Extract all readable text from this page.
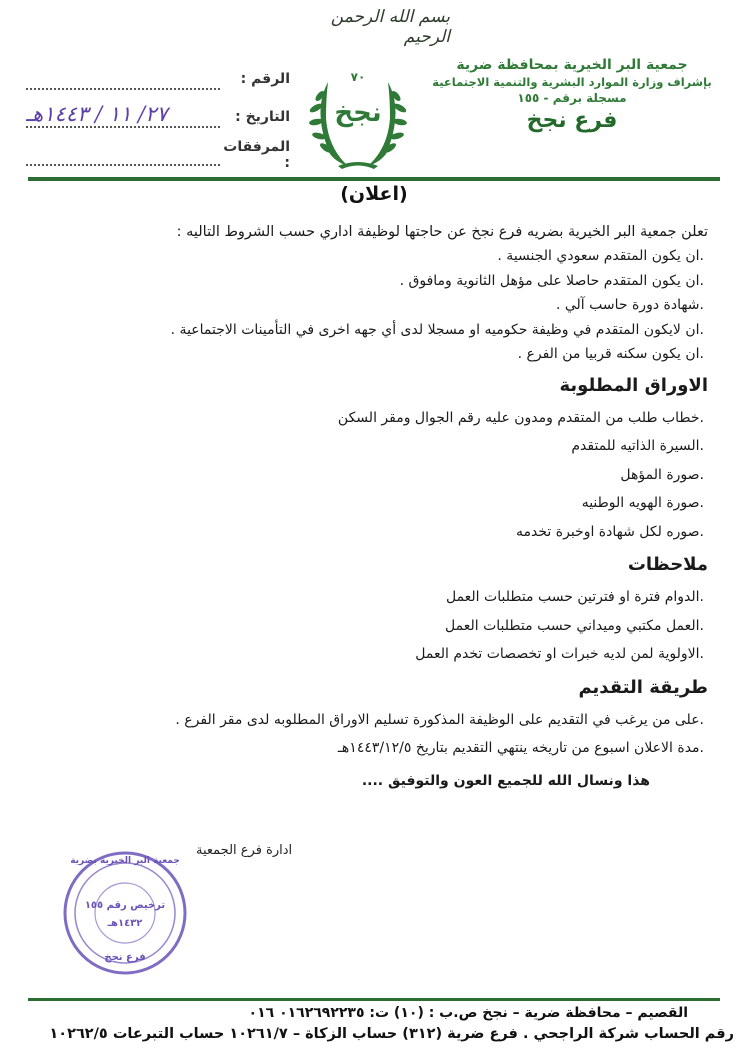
بسم الله الرحمن الرحيم
جمعية البر الخيرية بمحافظة ضرية
بإشراف وزارة الموارد البشرية والتنمية الاجتماعية
مسجلة برقم - ١٥٥
فرع نجخ
٧٠
نجخ
الرقم :
التاريخ :
٢٧/ ١١ / ١٤٤٣هـ
المرفقات :
(اعلان)

تعلن جمعية البر الخيرية بضريه فرع نجخ عن حاجتها لوظيفة اداري حسب الشروط التاليه :

.ان يكون المتقدم سعودي الجنسية .
.ان يكون المتقدم حاصلا على مؤهل الثانوية ومافوق .
.شهادة دورة حاسب آلي .
.ان لايكون المتقدم في وظيفة حكوميه او مسجلا لدى أي جهه اخرى في التأمينات الاجتماعية .
.ان يكون سكنه قربيا من الفرع .
الاوراق المطلوبة
.خطاب طلب من المتقدم ومدون عليه رقم الجوال ومقر السكن
.السيرة الذاتيه للمتقدم
.صورة المؤهل
.صورة الهويه الوطنيه
.صوره لكل شهادة اوخبرة تخدمه
ملاحظات
.الدوام فترة او فترتين حسب متطلبات العمل
.العمل مكتبي وميداني حسب متطلبات العمل
.الاولوية لمن لديه خبرات او تخصصات تخدم العمل
طريقة التقديم
.على من يرغب في التقديم على الوظيفة المذكورة تسليم الاوراق المطلوبه لدى مقر الفرع .
.مدة الاعلان اسبوع من تاريخه ينتهي التقديم بتاريخ ١٤٤٣/١٢/٥هـ
هذا ونسال الله للجميع العون والتوفيق ....
ادارة فرع الجمعية
جمعية البر الخيرية بضرية
ترخيص رقم ١٥٥
١٤٣٢هـ
فرع نجخ
القصيم – محافظة ضرية – نجخ ص.ب : (١٠) ت: ٠١٦٢٦٩٢٢٣٥ ٠١٦
رقم الحساب شركة الراجحي . فرع ضرية (٣١٢) حساب الزكاة – ١٠٢٦١/٧ حساب التبرعات ١٠٢٦٢/٥
